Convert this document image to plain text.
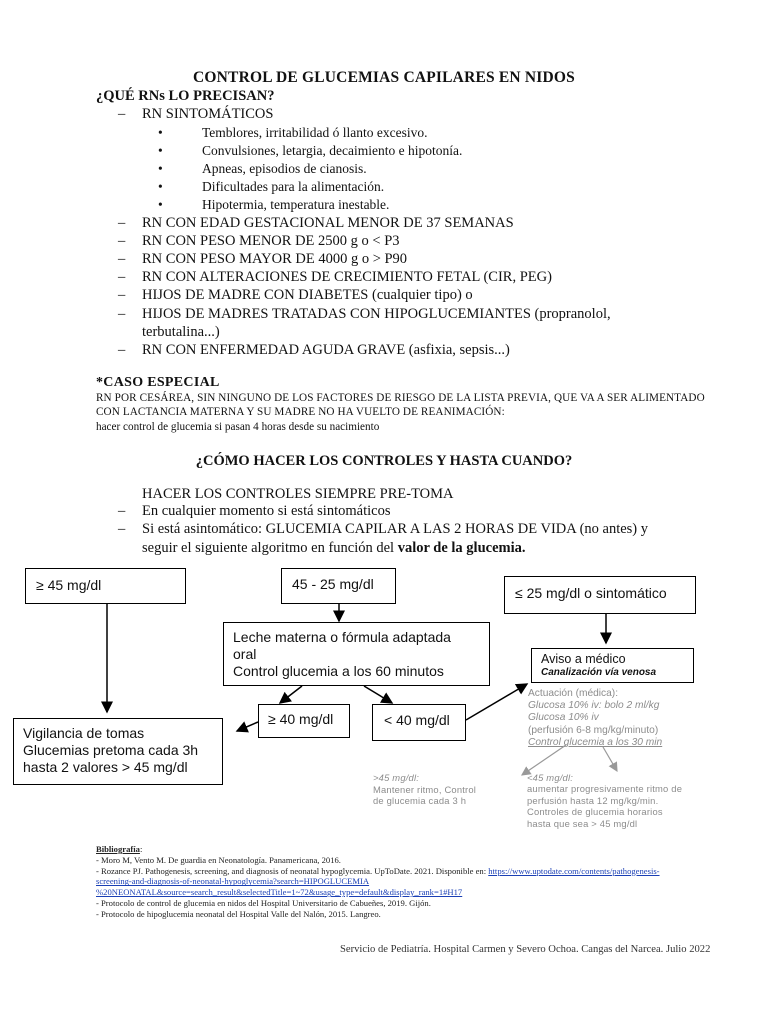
CONTROL DE GLUCEMIAS CAPILARES EN NIDOS
¿QUÉ RNs LO PRECISAN?
– RN SINTOMÁTICOS
•	Temblores, irritabilidad ó llanto excesivo.
•	Convulsiones, letargia, decaimiento e hipotonía.
•	Apneas, episodios de cianosis.
•	Dificultades para la alimentación.
•	Hipotermia, temperatura inestable.
– RN CON EDAD GESTACIONAL MENOR DE 37 SEMANAS
– RN CON PESO MENOR DE 2500 g o < P3
– RN CON PESO MAYOR DE 4000 g o > P90
– RN CON ALTERACIONES DE CRECIMIENTO FETAL (CIR, PEG)
– HIJOS DE MADRE CON DIABETES (cualquier tipo) o
– HIJOS DE MADRES TRATADAS CON HIPOGLUCEMIANTES (propranolol,
terbutalina...)
– RN CON ENFERMEDAD AGUDA GRAVE (asfixia, sepsis...)
*CASO ESPECIAL
RN POR CESÁREA, SIN NINGUNO DE LOS FACTORES DE RIESGO DE LA LISTA PREVIA, QUE VA A SER ALIMENTADO CON LACTANCIA MATERNA Y SU MADRE NO HA VUELTO DE REANIMACIÓN:
hacer control de glucemia si pasan 4 horas desde su nacimiento
¿CÓMO HACER LOS CONTROLES Y HASTA CUANDO?
HACER LOS CONTROLES SIEMPRE PRE-TOMA
– En cualquier momento si está sintomáticos
– Si está asintomático: GLUCEMIA CAPILAR A LAS 2 HORAS DE VIDA (no antes) y
seguir el siguiente algoritmo en función del valor de la glucemia.
≥ 45 mg/dl	45 - 25 mg/dl
≤ 25 mg/dl o sintomático
Leche materna o fórmula adaptada
oral
Control glucemia a los 60 minutos
Aviso a médico
Canalización vía venosa
≥ 40 mg/dl	< 40 mg/dl
Vigilancia de tomas
Glucemias pretoma cada 3h
hasta 2 valores > 45 mg/dl
Actuación (médica):
Glucosa 10% iv: bolo 2 ml/kg
Glucosa 10% iv
(perfusión 6-8 mg/kg/minuto)
Control glucemia a los 30 min
>45 mg/dl:
Mantener ritmo, Control
de glucemia cada 3 h
<45 mg/dl:
aumentar progresivamente ritmo de
perfusión hasta 12 mg/kg/min.
Controles de glucemia horarios
hasta que sea > 45 mg/dl
Bibliografía:
- Moro M, Vento M. De guardia en Neonatología. Panamericana, 2016.
- Rozance PJ. Pathogenesis, screening, and diagnosis of neonatal hypoglycemia. UpToDate. 2021. Disponible en: https://www.uptodate.com/contents/pathogenesis-
screening-and-diagnosis-of-neonatal-hypoglycemia?search=HIPOGLUCEMIA
%20NEONATAL&source=search_result&selectedTitle=1~72&usage_type=default&display_rank=1#H17
- Protocolo de control de glucemia en nidos del Hospital Universitario de Cabueñes, 2019. Gijón.
- Protocolo de hipoglucemia neonatal del Hospital Valle del Nalón, 2015. Langreo.
Servicio de Pediatría. Hospital Carmen y Severo Ochoa. Cangas del Narcea. Julio 2022
